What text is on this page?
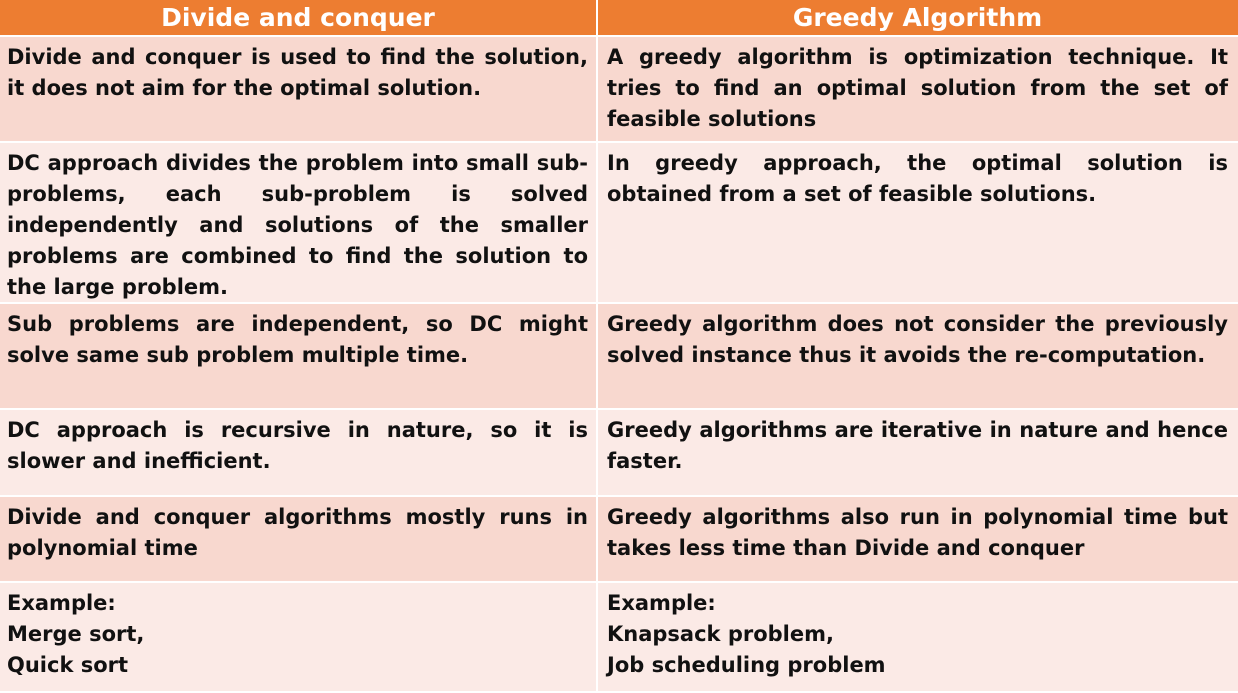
Divide and conquer	Greedy Algorithm
Divide and conquer is used to find the solution, it does not aim for the optimal solution.
A greedy algorithm is optimization technique. It tries to find an optimal solution from the set of feasible solutions
DC approach divides the problem into small sub-problems, each sub-problem is solved independently and solutions of the smaller problems are combined to find the solution to the large problem.
In greedy approach, the optimal solution is obtained from a set of feasible solutions.
Sub problems are independent, so DC might solve same sub problem multiple time.
Greedy algorithm does not consider the previously solved instance thus it avoids the re-computation.
DC approach is recursive in nature, so it is slower and inefficient.
Greedy algorithms are iterative in nature and hence faster.
Divide and conquer algorithms mostly runs in polynomial time
Greedy algorithms also run in polynomial time but takes less time than Divide and conquer
Example:
Merge sort,
Quick sort
Example:
Knapsack problem,
Job scheduling problem
